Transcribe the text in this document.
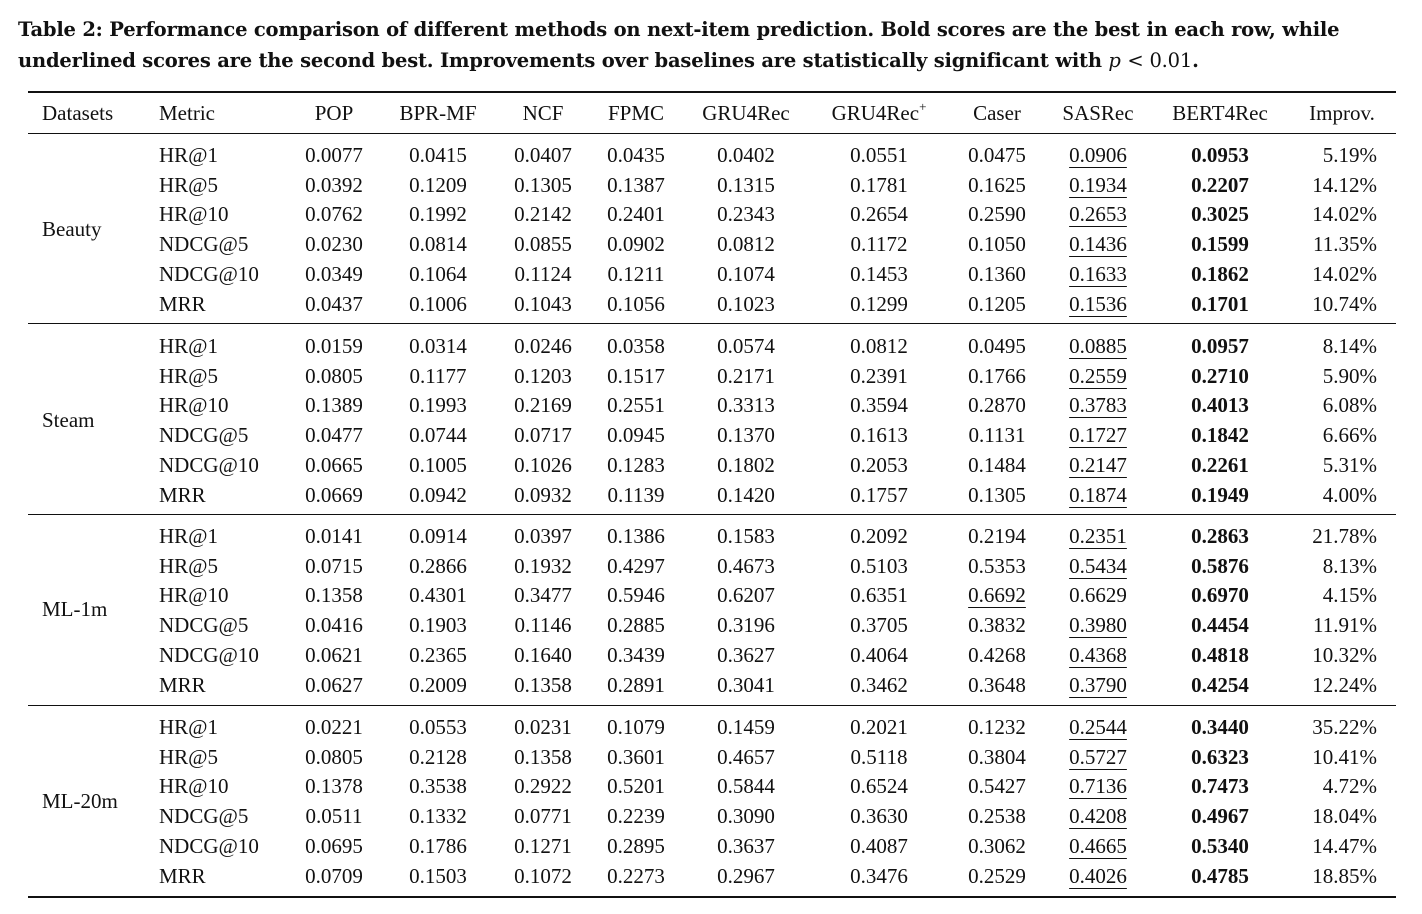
Table 2: Performance comparison of different methods on next-item prediction. Bold scores are the best in each row, while underlined scores are the second best. Improvements over baselines are statistically significant with p < 0.01.
Datasets Metric	POP BPR-MF NCF FPMC GRU4Rec GRU4Rec+ Caser SASRec BERT4Rec Improv.
Beauty
HR@1	0.0077 0.0415 0.0407 0.0435 0.0402	0.0551	0.0475 0.0906	0.0953	5.19%
HR@5	0.0392 0.1209 0.1305 0.1387 0.1315	0.1781	0.1625 0.1934	0.2207	14.12%
HR@10	0.0762 0.1992 0.2142 0.2401 0.2343	0.2654	0.2590 0.2653	0.3025	14.02%
NDCG@5	0.0230 0.0814 0.0855 0.0902 0.0812	0.1172	0.1050 0.1436	0.1599	11.35%
NDCG@10 0.0349 0.1064 0.1124 0.1211	0.1074	0.1453	0.1360 0.1633	0.1862	14.02%
MRR	0.0437 0.1006 0.1043 0.1056 0.1023	0.1299	0.1205 0.1536	0.1701	10.74%
Steam
HR@1	0.0159 0.0314 0.0246 0.0358 0.0574	0.0812	0.0495 0.0885	0.0957	8.14%
HR@5	0.0805 0.1177 0.1203 0.1517 0.2171	0.2391	0.1766 0.2559	0.2710	5.90%
HR@10	0.1389 0.1993 0.2169 0.2551 0.3313	0.3594	0.2870 0.3783	0.4013	6.08%
NDCG@5	0.0477 0.0744 0.0717 0.0945 0.1370	0.1613	0.1131 0.1727	0.1842	6.66%
NDCG@10 0.0665 0.1005 0.1026 0.1283 0.1802	0.2053	0.1484 0.2147	0.2261	5.31%
MRR	0.0669 0.0942 0.0932 0.1139	0.1420	0.1757	0.1305 0.1874	0.1949	4.00%
ML-1m
HR@1	0.0141 0.0914 0.0397 0.1386 0.1583	0.2092	0.2194 0.2351	0.2863	21.78%
HR@5	0.0715 0.2866 0.1932 0.4297 0.4673	0.5103	0.5353 0.5434	0.5876	8.13%
HR@10	0.1358 0.4301 0.3477 0.5946 0.6207	0.6351	0.6692 0.6629	0.6970	4.15%
NDCG@5	0.0416 0.1903 0.1146 0.2885 0.3196	0.3705	0.3832 0.3980	0.4454	11.91%
NDCG@10 0.0621 0.2365 0.1640 0.3439 0.3627	0.4064	0.4268 0.4368	0.4818	10.32%
MRR	0.0627 0.2009 0.1358 0.2891 0.3041	0.3462	0.3648 0.3790	0.4254	12.24%
ML-20m
HR@1	0.0221 0.0553 0.0231 0.1079 0.1459	0.2021	0.1232 0.2544	0.3440	35.22%
HR@5	0.0805 0.2128 0.1358 0.3601 0.4657	0.5118	0.3804 0.5727	0.6323	10.41%
HR@10	0.1378 0.3538 0.2922 0.5201 0.5844	0.6524	0.5427 0.7136	0.7473	4.72%
NDCG@5	0.0511 0.1332 0.0771 0.2239 0.3090	0.3630	0.2538 0.4208	0.4967	18.04%
NDCG@10 0.0695 0.1786 0.1271 0.2895 0.3637	0.4087	0.3062 0.4665	0.5340	14.47%
MRR	0.0709 0.1503 0.1072 0.2273 0.2967	0.3476	0.2529 0.4026	0.4785	18.85%
